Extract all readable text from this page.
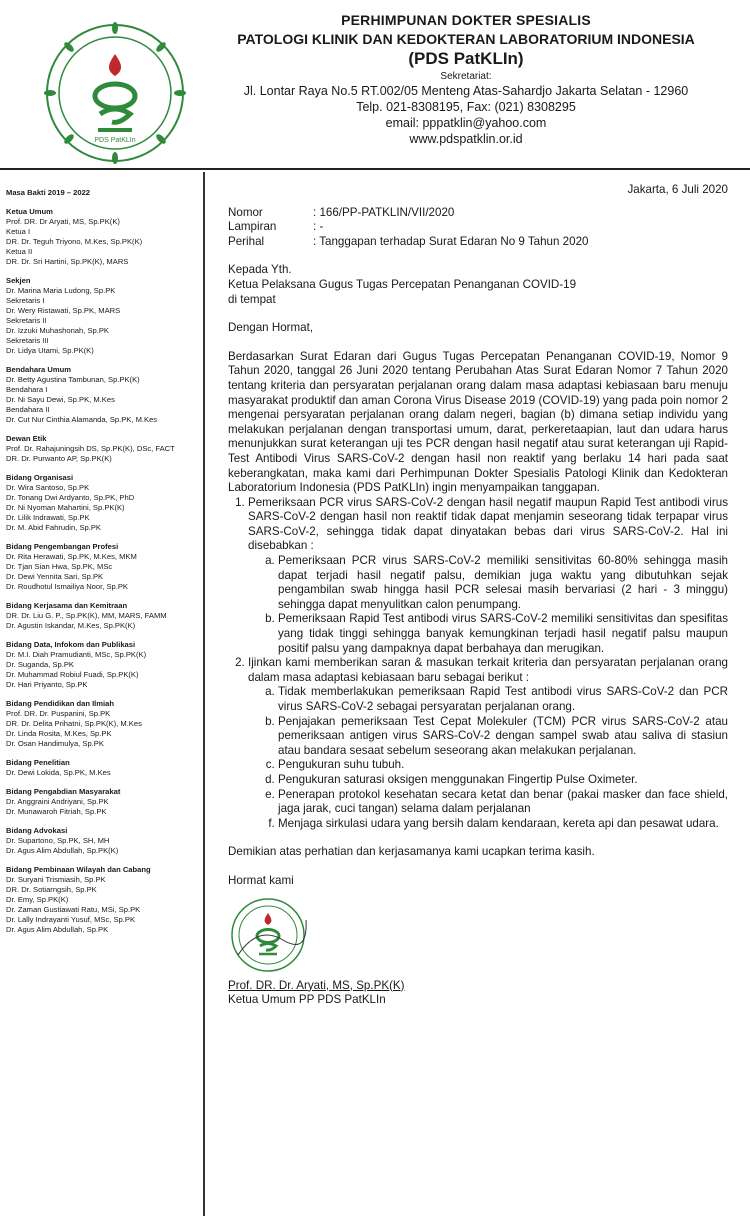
PDS PatKLIn
PERHIMPUNAN DOKTER SPESIALIS
PATOLOGI KLINIK DAN KEDOKTERAN LABORATORIUM INDONESIA
(PDS PatKLIn)
Sekretariat:
Jl. Lontar Raya No.5 RT.002/05 Menteng Atas-Sahardjo Jakarta Selatan - 12960
Telp. 021-8308195, Fax: (021) 8308295
email: pppatklin@yahoo.com
www.pdspatklin.or.id
Masa Bakti 2019 – 2022
Ketua Umum
Prof. DR. Dr Aryati, MS, Sp.PK(K)
Ketua I
DR. Dr. Teguh Triyono, M.Kes, Sp.PK(K)
Ketua II
DR. Dr. Sri Hartini, Sp.PK(K), MARS
Sekjen
Dr. Marina Maria Ludong, Sp.PK
Sekretaris I
Dr. Wery Ristawati, Sp.PK, MARS
Sekretaris II
Dr. Izzuki Muhashonah, Sp.PK
Sekretaris III
Dr. Lidya Utami, Sp.PK(K)
Bendahara Umum
Dr. Betty Agustina Tambunan, Sp.PK(K)
Bendahara I
Dr. Ni Sayu Dewi, Sp.PK, M.Kes
Bendahara II
Dr. Cut Nur Cinthia Alamanda, Sp.PK, M.Kes
Dewan Etik
Prof. Dr. Rahajuningsih DS, Sp.PK(K), DSc, FACT
DR. Dr. Purwanto AP, Sp.PK(K)
Bidang Organisasi
Dr. Wira Santoso, Sp.PK
Dr. Tonang Dwi Ardyanto, Sp.PK, PhD
Dr. Ni Nyoman Mahartini, Sp.PK(K)
Dr. Lilik Indrawati, Sp.PK
Dr. M. Abid Fahrudin, Sp.PK
Bidang Pengembangan Profesi
Dr. Rita Herawati, Sp.PK, M.Kes, MKM
Dr. Tjan Sian Hwa, Sp.PK, MSc
Dr. Dewi Yennita Sari, Sp.PK
Dr. Roudhotul Ismailiya Noor, Sp.PK
Bidang Kerjasama dan Kemitraan
DR. Dr. Liu G. P., Sp.PK(K), MM, MARS, FAMM
Dr. Agustin Iskandar, M.Kes, Sp.PK(K)
Bidang Data, Infokom dan Publikasi
Dr. M.I. Diah Pramudianti, MSc, Sp.PK(K)
Dr. Suganda, Sp.PK
Dr. Muhammad Robiul Fuadi, Sp.PK(K)
Dr. Hari Priyanto, Sp.PK
Bidang Pendidikan dan Ilmiah
Prof. DR. Dr. Puspanini, Sp.PK
DR. Dr. Delita Prihatni, Sp.PK(K), M.Kes
Dr. Linda Rosita, M.Kes, Sp.PK
Dr. Osan Handimulya, Sp.PK
Bidang Penelitian
Dr. Dewi Lokida, Sp.PK, M.Kes
Bidang Pengabdian Masyarakat
Dr. Anggraini Andriyani, Sp.PK
Dr. Munawaroh Fitriah, Sp.PK
Bidang Advokasi
Dr. Supartono, Sp.PK, SH, MH
Dr. Agus Alim Abdullah, Sp.PK(K)
Bidang Pembinaan Wilayah dan Cabang
Dr. Suryani Trismiasih, Sp.PK
DR. Dr. Sotiarngsih, Sp.PK
Dr. Emy, Sp.PK(K)
Dr. Zaman Gustiawati Ratu, MSi, Sp.PK
Dr. Lally Indrayanti Yusuf, MSc, Sp.PK
Dr. Agus Alim Abdullah, Sp.PK
Jakarta, 6 Juli 2020
Nomor	: 166/PP-PATKLIN/VII/2020
Lampiran	: -
Perihal	: Tanggapan terhadap Surat Edaran No 9 Tahun 2020
Kepada Yth.
Ketua Pelaksana Gugus Tugas Percepatan Penanganan COVID-19
di tempat
Dengan Hormat,

Berdasarkan Surat Edaran dari Gugus Tugas Percepatan Penanganan COVID-19, Nomor 9 Tahun 2020, tanggal 26 Juni 2020 tentang Perubahan Atas Surat Edaran Nomor 7 Tahun 2020 tentang kriteria dan persyaratan perjalanan orang dalam masa adaptasi kebiasaan baru menuju masyarakat produktif dan aman Corona Virus Disease 2019 (COVID-19) yang pada poin nomor 2 mengenai persyaratan perjalanan orang dalam negeri, bagian (b) dimana setiap individu yang melakukan perjalanan dengan transportasi umum, darat, perkeretaapian, laut dan udara harus menunjukkan surat keterangan uji tes PCR dengan hasil negatif atau surat keterangan uji Rapid-Test Antibodi Virus SARS-CoV-2 dengan hasil non reaktif yang berlaku 14 hari pada saat keberangkatan, maka kami dari Perhimpunan Dokter Spesialis Patologi Klinik dan Kedokteran Laboratorium Indonesia (PDS PatKLIn) ingin menyampaikan tanggapan.

1. Pemeriksaan PCR virus SARS-CoV-2 dengan hasil negatif maupun Rapid Test antibodi virus SARS-CoV-2 dengan hasil non reaktif tidak dapat menjamin seseorang tidak terpapar virus SARS-CoV-2, sehingga tidak dapat dinyatakan bebas dari virus SARS-CoV-2. Hal ini disebabkan :
a. Pemeriksaan PCR virus SARS-CoV-2 memiliki sensitivitas 60-80% sehingga masih dapat terjadi hasil negatif palsu, demikian juga waktu yang dibutuhkan sejak pengambilan swab hingga hasil PCR selesai masih bervariasi (2 hari - 3 minggu) sehingga dapat menyulitkan calon penumpang.
b. Pemeriksaan Rapid Test antibodi virus SARS-CoV-2 memiliki sensitivitas dan spesifitas yang tidak tinggi sehingga banyak kemungkinan terjadi hasil negatif palsu maupun positif palsu yang dampaknya dapat berbahaya dan merugikan.
2. Ijinkan kami memberikan saran & masukan terkait kriteria dan persyaratan perjalanan orang dalam masa adaptasi kebiasaan baru sebagai berikut :
a. Tidak memberlakukan pemeriksaan Rapid Test antibodi virus SARS-CoV-2 dan PCR virus SARS-CoV-2 sebagai persyaratan perjalanan orang.
b. Penjajakan pemeriksaan Test Cepat Molekuler (TCM) PCR virus SARS-CoV-2 atau pemeriksaan antigen virus SARS-CoV-2 dengan sampel swab atau saliva di stasiun atau bandara sesaat sebelum seseorang akan melakukan perjalanan.
c. Pengukuran suhu tubuh.
d. Pengukuran saturasi oksigen menggunakan Fingertip Pulse Oximeter.
e. Penerapan protokol kesehatan secara ketat dan benar (pakai masker dan face shield, jaga jarak, cuci tangan) selama dalam perjalanan
f. Menjaga sirkulasi udara yang bersih dalam kendaraan, kereta api dan pesawat udara.

Demikian atas perhatian dan kerjasamanya kami ucapkan terima kasih.

Hormat kami
Prof. DR. Dr. Aryati, MS, Sp.PK(K)
Ketua Umum PP PDS PatKLIn
